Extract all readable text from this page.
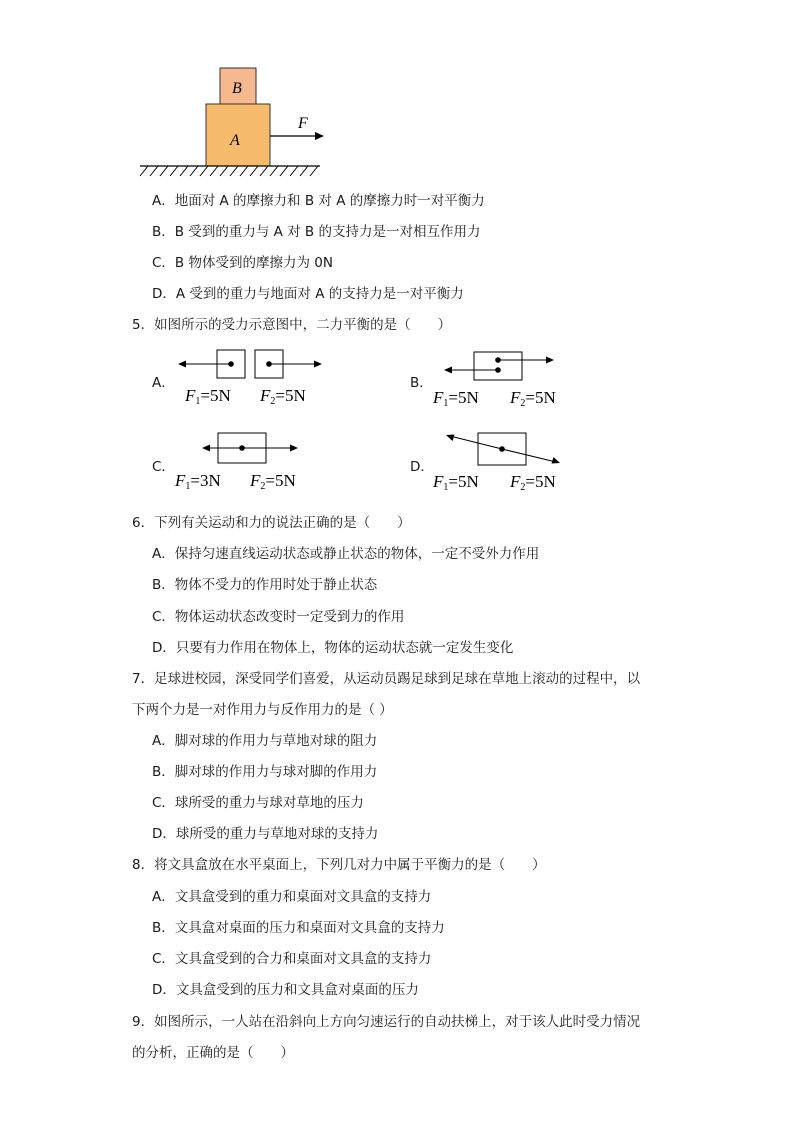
B
A
F
A．地面对 A 的摩擦力和 B 对 A 的摩擦力时一对平衡力
B．B 受到的重力与 A 对 B 的支持力是一对相互作用力
C．B 物体受到的摩擦力为 0N
D．A 受到的重力与地面对 A 的支持力是一对平衡力
5．如图所示的受力示意图中，二力平衡的是（　　）
A．
F1=5N F2=5N
B．
F1=5N F2=5N
C．
F1=3N F2=5N
D．
F1=5N F2=5N
6．下列有关运动和力的说法正确的是（　　）
A．保持匀速直线运动状态或静止状态的物体，一定不受外力作用
B．物体不受力的作用时处于静止状态
C．物体运动状态改变时一定受到力的作用
D．只要有力作用在物体上，物体的运动状态就一定发生变化
7．足球进校园，深受同学们喜爱，从运动员踢足球到足球在草地上滚动的过程中，以
下两个力是一对作用力与反作用力的是（ ）
A．脚对球的作用力与草地对球的阻力
B．脚对球的作用力与球对脚的作用力
C．球所受的重力与球对草地的压力
D．球所受的重力与草地对球的支持力
8．将文具盒放在水平桌面上，下列几对力中属于平衡力的是（　　）
A．文具盒受到的重力和桌面对文具盒的支持力
B．文具盒对桌面的压力和桌面对文具盒的支持力
C．文具盒受到的合力和桌面对文具盒的支持力
D．文具盒受到的压力和文具盒对桌面的压力
9．如图所示，一人站在沿斜向上方向匀速运行的自动扶梯上，对于该人此时受力情况
的分析，正确的是（　　）
